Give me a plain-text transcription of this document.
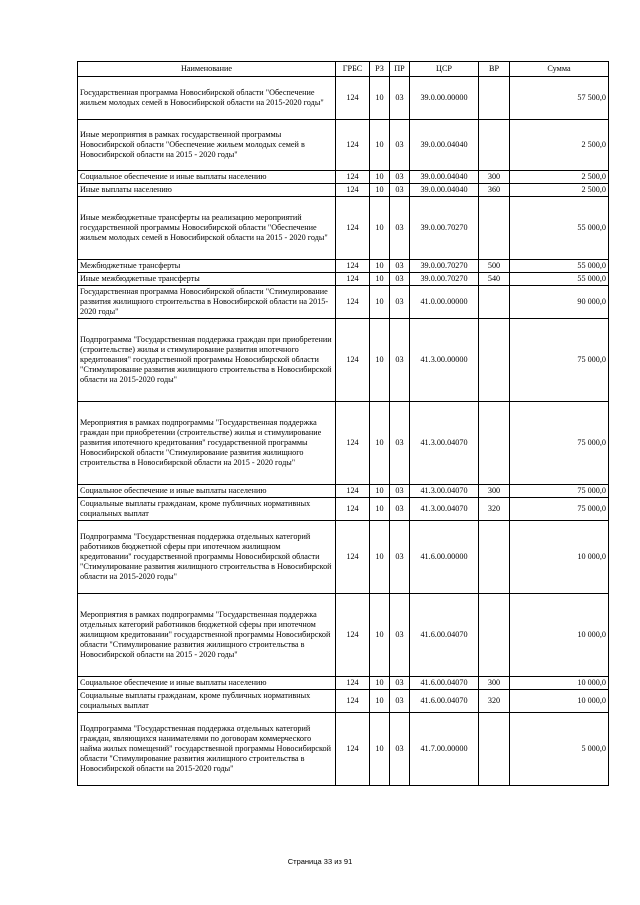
Наименование	ГРБС	РЗ	ПР	ЦСР	ВР	Сумма
Государственная программа Новосибирской области "Обеспечение жильем молодых семей в Новосибирской области на 2015-2020 годы"	124	10	03	39.0.00.00000		57 500,0
Иные мероприятия в рамках государственной программы Новосибирской области "Обеспечение жильем молодых семей в Новосибирской области на 2015 - 2020 годы"	124	10	03	39.0.00.04040		2 500,0
Социальное обеспечение и иные выплаты населению	124	10	03	39.0.00.04040	300	2 500,0
Иные выплаты населению	124	10	03	39.0.00.04040	360	2 500,0
Иные межбюджетные трансферты на реализацию мероприятий государственной программы Новосибирской области "Обеспечение жильем молодых семей в Новосибирской области на 2015 - 2020 годы"	124	10	03	39.0.00.70270		55 000,0
Межбюджетные трансферты	124	10	03	39.0.00.70270	500	55 000,0
Иные межбюджетные трансферты	124	10	03	39.0.00.70270	540	55 000,0
Государственная программа Новосибирской области "Стимулирование развития жилищного строительства в Новосибирской области на 2015-2020 годы"	124	10	03	41.0.00.00000		90 000,0
Подпрограмма "Государственная поддержка граждан при приобретении (строительстве) жилья и стимулирование развития ипотечного кредитования" государственной программы Новосибирской области "Стимулирование развития жилищного строительства в Новосибирской области на 2015-2020 годы"	124	10	03	41.3.00.00000		75 000,0
Мероприятия в рамках подпрограммы "Государственная поддержка граждан при приобретении (строительстве) жилья и стимулирование развития ипотечного кредитования" государственной программы Новосибирской области "Стимулирование развития жилищного строительства в Новосибирской области на 2015 - 2020 годы"	124	10	03	41.3.00.04070		75 000,0
Социальное обеспечение и иные выплаты населению	124	10	03	41.3.00.04070	300	75 000,0
Социальные выплаты гражданам, кроме публичных нормативных социальных выплат	124	10	03	41.3.00.04070	320	75 000,0
Подпрограмма "Государственная поддержка отдельных категорий работников бюджетной сферы при ипотечном жилищном кредитовании" государственной программы Новосибирской области "Стимулирование развития жилищного строительства в Новосибирской области на 2015-2020 годы"	124	10	03	41.6.00.00000		10 000,0
Мероприятия в рамках подпрограммы "Государственная поддержка отдельных категорий работников бюджетной сферы при ипотечном жилищном кредитовании" государственной программы Новосибирской области "Стимулирование развития жилищного строительства в Новосибирской области на 2015 - 2020 годы"	124	10	03	41.6.00.04070		10 000,0
Социальное обеспечение и иные выплаты населению	124	10	03	41.6.00.04070	300	10 000,0
Социальные выплаты гражданам, кроме публичных нормативных социальных выплат	124	10	03	41.6.00.04070	320	10 000,0
Подпрограмма "Государственная поддержка отдельных категорий граждан, являющихся нанимателями по договорам коммерческого найма жилых помещений" государственной программы Новосибирской области "Стимулирование развития жилищного строительства в Новосибирской области на 2015-2020 годы"	124	10	03	41.7.00.00000		5 000,0
Страница 33 из 91
